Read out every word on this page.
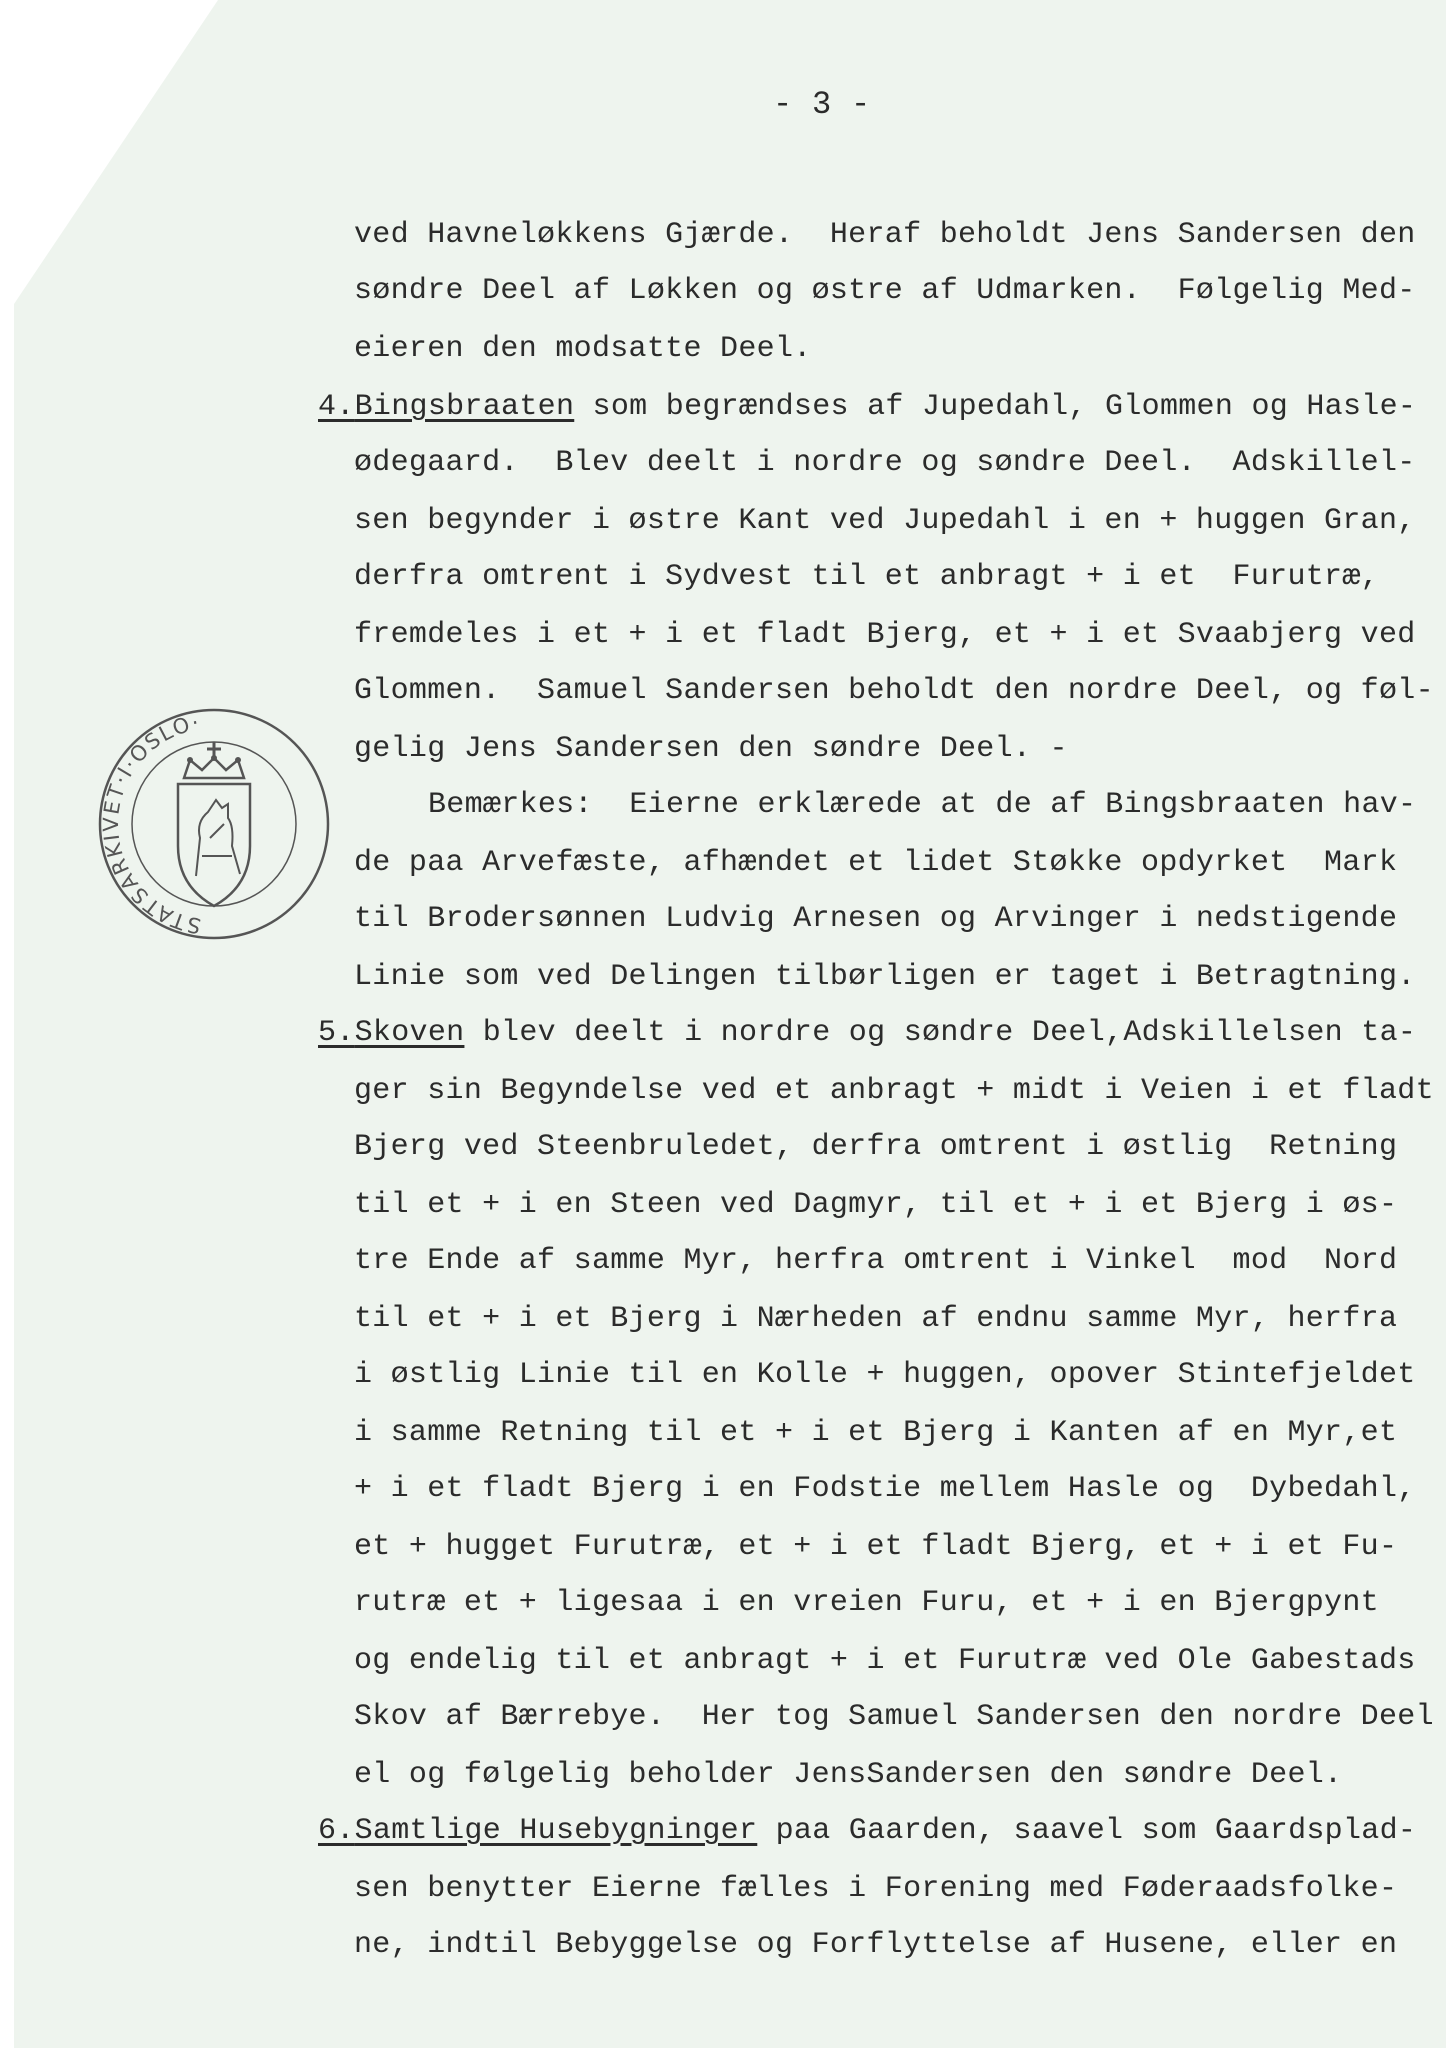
- 3 -
STATSARKIVET·I·OSLO·
ved Havneløkkens Gjærde.  Heraf beholdt Jens Sandersen den
søndre Deel af Løkken og østre af Udmarken.  Følgelig Med-
eieren den modsatte Deel.
4.Bingsbraaten som begrændses af Jupedahl, Glommen og Hasle-
ødegaard.  Blev deelt i nordre og søndre Deel.  Adskillel-
sen begynder i østre Kant ved Jupedahl i en + huggen Gran,
derfra omtrent i Sydvest til et anbragt + i et  Furutræ,
fremdeles i et + i et fladt Bjerg, et + i et Svaabjerg ved
Glommen.  Samuel Sandersen beholdt den nordre Deel, og føl-
gelig Jens Sandersen den søndre Deel. -
Bemærkes:  Eierne erklærede at de af Bingsbraaten hav-
de paa Arvefæste, afhændet et lidet Støkke opdyrket  Mark
til Brodersønnen Ludvig Arnesen og Arvinger i nedstigende
Linie som ved Delingen tilbørligen er taget i Betragtning.
5.Skoven blev deelt i nordre og søndre Deel,Adskillelsen ta-
ger sin Begyndelse ved et anbragt + midt i Veien i et fladt
Bjerg ved Steenbruledet, derfra omtrent i østlig  Retning
til et + i en Steen ved Dagmyr, til et + i et Bjerg i øs-
tre Ende af samme Myr, herfra omtrent i Vinkel  mod  Nord
til et + i et Bjerg i Nærheden af endnu samme Myr, herfra
i østlig Linie til en Kolle + huggen, opover Stintefjeldet
i samme Retning til et + i et Bjerg i Kanten af en Myr,et
+ i et fladt Bjerg i en Fodstie mellem Hasle og  Dybedahl,
et + hugget Furutræ, et + i et fladt Bjerg, et + i et Fu-
rutræ et + ligesaa i en vreien Furu, et + i en Bjergpynt
og endelig til et anbragt + i et Furutræ ved Ole Gabestads
Skov af Bærrebye.  Her tog Samuel Sandersen den nordre Deel
el og følgelig beholder JensSandersen den søndre Deel.
6.Samtlige Husebygninger paa Gaarden, saavel som Gaardsplad-
sen benytter Eierne fælles i Forening med Føderaadsfolke-
ne, indtil Bebyggelse og Forflyttelse af Husene, eller en
